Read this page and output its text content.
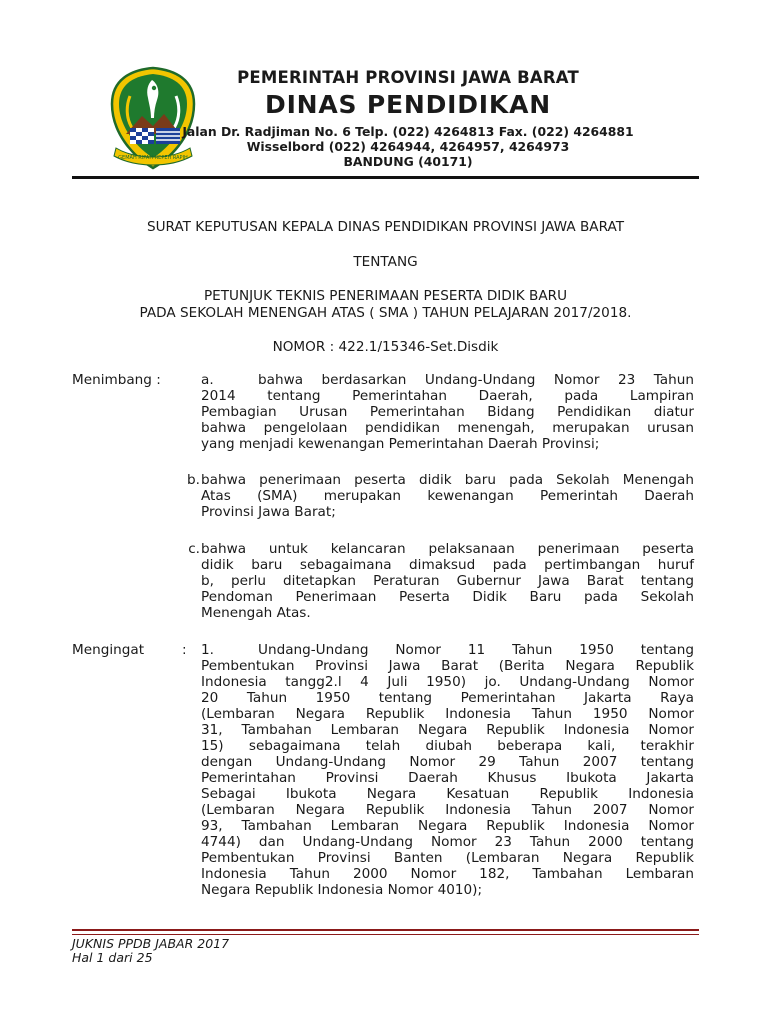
GEMAH RIPAH REPEH RAPIH
PEMERINTAH PROVINSI JAWA BARAT
DINAS PENDIDIKAN
Jalan Dr. Radjiman No. 6 Telp. (022) 4264813 Fax. (022) 4264881
Wisselbord (022) 4264944, 4264957, 4264973
BANDUNG (40171)
SURAT KEPUTUSAN KEPALA DINAS PENDIDIKAN PROVINSI JAWA BARAT
TENTANG
PETUNJUK TEKNIS PENERIMAAN PESERTA DIDIK BARU
PADA SEKOLAH MENENGAH ATAS ( SMA ) TAHUN PELAJARAN 2017/2018.
NOMOR : 422.1/15346-Set.Disdik
Menimbang :	a.	bahwa berdasarkan Undang-Undang Nomor 23 Tahun
2014 tentang Pemerintahan Daerah, pada Lampiran
Pembagian Urusan Pemerintahan Bidang Pendidikan diatur
bahwa pengelolaan pendidikan menengah, merupakan urusan
yang menjadi kewenangan Pemerintahan Daerah Provinsi;
b. bahwa penerimaan peserta didik baru pada Sekolah Menengah
Atas (SMA) merupakan kewenangan Pemerintah Daerah
Provinsi Jawa Barat;
c. bahwa untuk kelancaran pelaksanaan penerimaan peserta
didik baru sebagaimana dimaksud pada pertimbangan huruf
b, perlu ditetapkan Peraturan Gubernur Jawa Barat tentang
Pendoman Penerimaan Peserta Didik Baru pada Sekolah
Menengah Atas.
Mengingat	: 1.	Undang-Undang Nomor 11 Tahun 1950 tentang
Pembentukan Provinsi Jawa Barat (Berita Negara Republik
Indonesia tangg2.l 4 Juli 1950) jo. Undang-Undang Nomor
20 Tahun 1950 tentang Pemerintahan Jakarta Raya
(Lembaran Negara Republik Indonesia Tahun 1950 Nomor
31, Tambahan Lembaran Negara Republik Indonesia Nomor
15) sebagaimana telah diubah beberapa kali, terakhir
dengan Undang-Undang Nomor 29 Tahun 2007 tentang
Pemerintahan Provinsi Daerah Khusus Ibukota Jakarta
Sebagai Ibukota Negara Kesatuan Republik Indonesia
(Lembaran Negara Republik Indonesia Tahun 2007 Nomor
93, Tambahan Lembaran Negara Republik Indonesia Nomor
4744) dan Undang-Undang Nomor 23 Tahun 2000 tentang
Pembentukan Provinsi Banten (Lembaran Negara Republik
Indonesia Tahun 2000 Nomor 182, Tambahan Lembaran
Negara Republik Indonesia Nomor 4010);
JUKNIS PPDB JABAR 2017
Hal 1 dari 25
